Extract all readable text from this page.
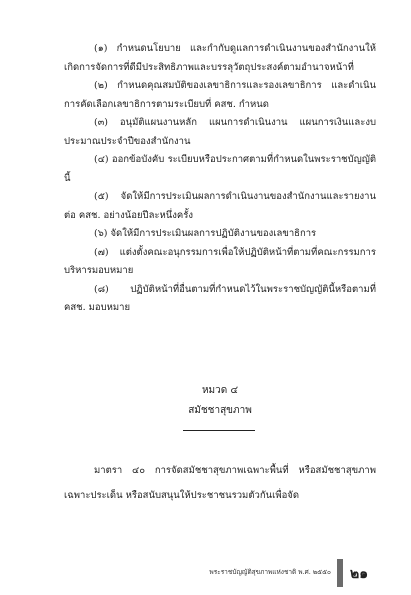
(๑) กำหนดนโยบาย และกำกับดูแลการดำเนินงานของสำนักงานให้เกิดการจัดการที่ดีมีประสิทธิภาพและบรรลุวัตถุประสงค์ตามอำนาจหน้าที่

(๒) กำหนดคุณสมบัติของเลขาธิการและรองเลขาธิการ และดำเนินการคัดเลือกเลขาธิการตามระเบียบที่ คสช. กำหนด

(๓) อนุมัติแผนงานหลัก แผนการดำเนินงาน แผนการเงินและงบประมาณประจำปีของสำนักงาน

(๔) ออกข้อบังคับ ระเบียบหรือประกาศตามที่กำหนดในพระราชบัญญัตินี้

(๕) จัดให้มีการประเมินผลการดำเนินงานของสำนักงานและรายงานต่อ คสช. อย่างน้อยปีละหนึ่งครั้ง

(๖) จัดให้มีการประเมินผลการปฏิบัติงานของเลขาธิการ

(๗) แต่งตั้งคณะอนุกรรมการเพื่อให้ปฏิบัติหน้าที่ตามที่คณะกรรมการบริหารมอบหมาย

(๘) ปฏิบัติหน้าที่อื่นตามที่กำหนดไว้ในพระราชบัญญัตินี้หรือตามที่ คสช. มอบหมาย

หมวด ๔
สมัชชาสุขภาพ

มาตรา ๔๐ การจัดสมัชชาสุขภาพเฉพาะพื้นที่ หรือสมัชชาสุขภาพเฉพาะประเด็น หรือสนับสนุนให้ประชาชนรวมตัวกันเพื่อจัด

พระราชบัญญัติสุขภาพแห่งชาติ พ.ศ. ๒๕๕๐ ๒๑
